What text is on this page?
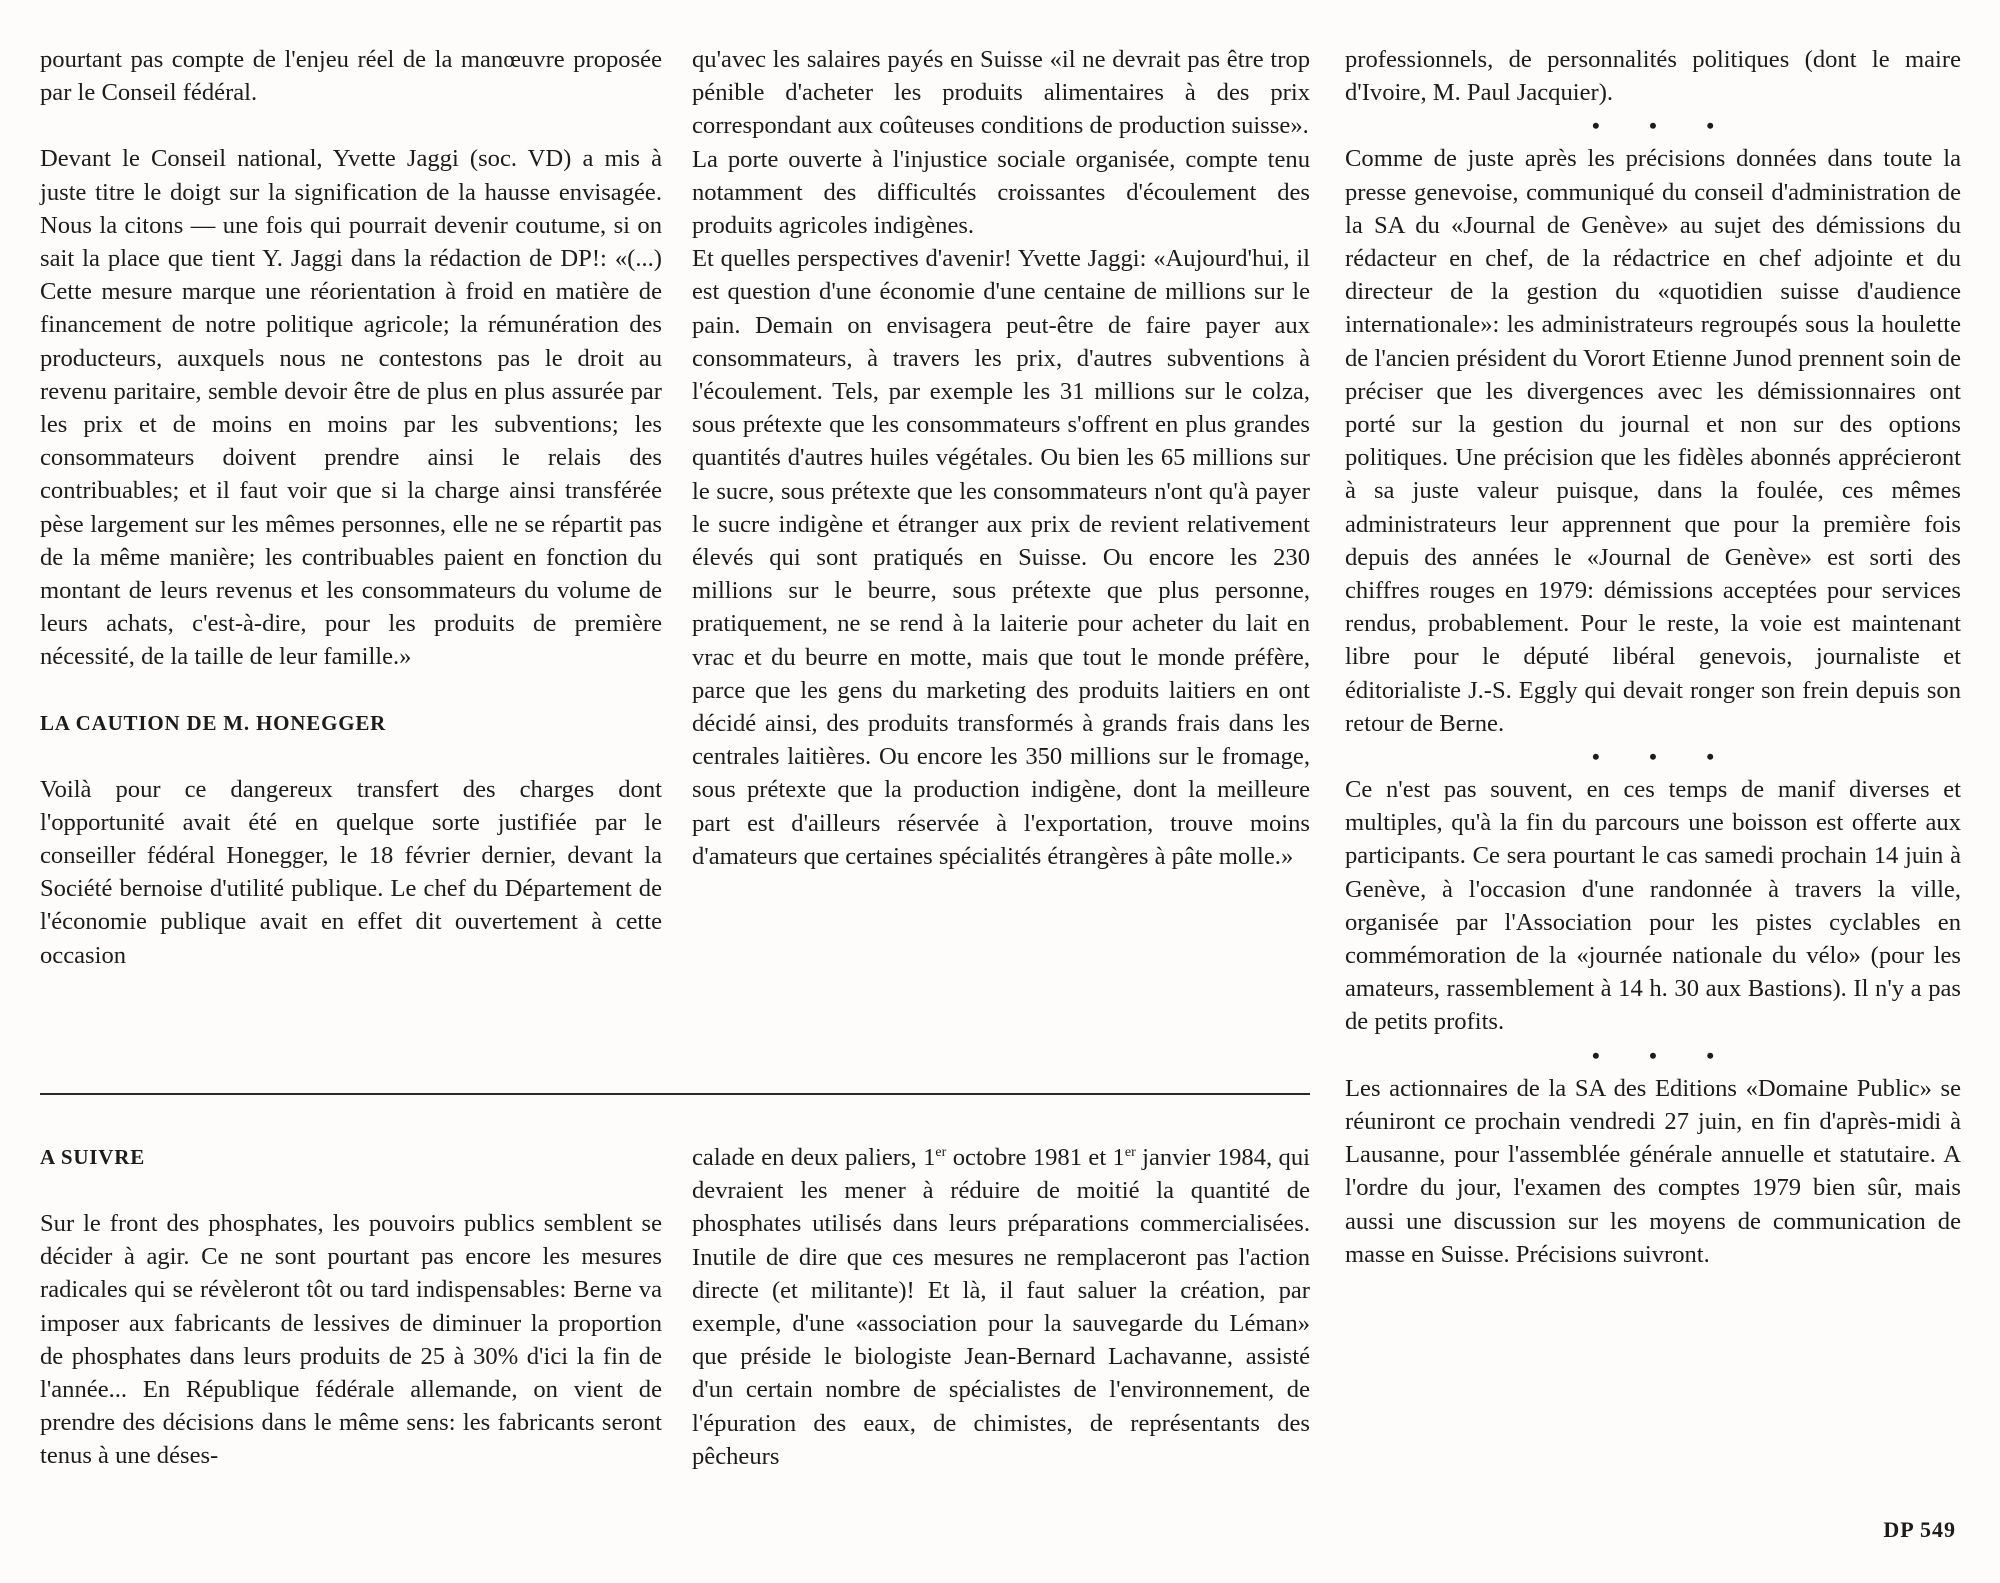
pourtant pas compte de l'enjeu réel de la manœuvre proposée par le Conseil fédéral.

Devant le Conseil national, Yvette Jaggi (soc. VD) a mis à juste titre le doigt sur la signification de la hausse envisagée. Nous la citons — une fois qui pourrait devenir coutume, si on sait la place que tient Y. Jaggi dans la rédaction de DP!: «(...) Cette mesure marque une réorientation à froid en matière de financement de notre politique agricole; la rémunération des producteurs, auxquels nous ne contestons pas le droit au revenu paritaire, semble devoir être de plus en plus assurée par les prix et de moins en moins par les subventions; les consommateurs doivent prendre ainsi le relais des contribuables; et il faut voir que si la charge ainsi transférée pèse largement sur les mêmes personnes, elle ne se répartit pas de la même manière; les contribuables paient en fonction du montant de leurs revenus et les consommateurs du volume de leurs achats, c'est-à-dire, pour les produits de première nécessité, de la taille de leur famille.»

LA CAUTION DE M. HONEGGER

Voilà pour ce dangereux transfert des charges dont l'opportunité avait été en quelque sorte justifiée par le conseiller fédéral Honegger, le 18 février dernier, devant la Société bernoise d'utilité publique. Le chef du Département de l'économie publique avait en effet dit ouvertement à cette occasion

qu'avec les salaires payés en Suisse «il ne devrait pas être trop pénible d'acheter les produits alimentaires à des prix correspondant aux coûteuses conditions de production suisse».

La porte ouverte à l'injustice sociale organisée, compte tenu notamment des difficultés croissantes d'écoulement des produits agricoles indigènes.

Et quelles perspectives d'avenir! Yvette Jaggi: «Aujourd'hui, il est question d'une économie d'une centaine de millions sur le pain. Demain on envisagera peut-être de faire payer aux consommateurs, à travers les prix, d'autres subventions à l'écoulement. Tels, par exemple les 31 millions sur le colza, sous prétexte que les consommateurs s'offrent en plus grandes quantités d'autres huiles végétales. Ou bien les 65 millions sur le sucre, sous prétexte que les consommateurs n'ont qu'à payer le sucre indigène et étranger aux prix de revient relativement élevés qui sont pratiqués en Suisse. Ou encore les 230 millions sur le beurre, sous prétexte que plus personne, pratiquement, ne se rend à la laiterie pour acheter du lait en vrac et du beurre en motte, mais que tout le monde préfère, parce que les gens du marketing des produits laitiers en ont décidé ainsi, des produits transformés à grands frais dans les centrales laitières. Ou encore les 350 millions sur le fromage, sous prétexte que la production indigène, dont la meilleure part est d'ailleurs réservée à l'exportation, trouve moins d'amateurs que certaines spécialités étrangères à pâte molle.»

A SUIVRE

Sur le front des phosphates, les pouvoirs publics semblent se décider à agir. Ce ne sont pourtant pas encore les mesures radicales qui se révèleront tôt ou tard indispensables: Berne va imposer aux fabricants de lessives de diminuer la proportion de phosphates dans leurs produits de 25 à 30% d'ici la fin de l'année... En République fédérale allemande, on vient de prendre des décisions dans le même sens: les fabricants seront tenus à une déses-

calade en deux paliers, 1er octobre 1981 et 1er janvier 1984, qui devraient les mener à réduire de moitié la quantité de phosphates utilisés dans leurs préparations commercialisées. Inutile de dire que ces mesures ne remplaceront pas l'action directe (et militante)! Et là, il faut saluer la création, par exemple, d'une «association pour la sauvegarde du Léman» que préside le biologiste Jean-Bernard Lachavanne, assisté d'un certain nombre de spécialistes de l'environnement, de l'épuration des eaux, de chimistes, de représentants des pêcheurs

professionnels, de personnalités politiques (dont le maire d'Ivoire, M. Paul Jacquier).

• • •

Comme de juste après les précisions données dans toute la presse genevoise, communiqué du conseil d'administration de la SA du «Journal de Genève» au sujet des démissions du rédacteur en chef, de la rédactrice en chef adjointe et du directeur de la gestion du «quotidien suisse d'audience internationale»: les administrateurs regroupés sous la houlette de l'ancien président du Vorort Etienne Junod prennent soin de préciser que les divergences avec les démissionnaires ont porté sur la gestion du journal et non sur des options politiques. Une précision que les fidèles abonnés apprécieront à sa juste valeur puisque, dans la foulée, ces mêmes administrateurs leur apprennent que pour la première fois depuis des années le «Journal de Genève» est sorti des chiffres rouges en 1979: démissions acceptées pour services rendus, probablement. Pour le reste, la voie est maintenant libre pour le député libéral genevois, journaliste et éditorialiste J.-S. Eggly qui devait ronger son frein depuis son retour de Berne.

• • •

Ce n'est pas souvent, en ces temps de manif diverses et multiples, qu'à la fin du parcours une boisson est offerte aux participants. Ce sera pourtant le cas samedi prochain 14 juin à Genève, à l'occasion d'une randonnée à travers la ville, organisée par l'Association pour les pistes cyclables en commémoration de la «journée nationale du vélo» (pour les amateurs, rassemblement à 14 h. 30 aux Bastions). Il n'y a pas de petits profits.

• • •

Les actionnaires de la SA des Editions «Domaine Public» se réuniront ce prochain vendredi 27 juin, en fin d'après-midi à Lausanne, pour l'assemblée générale annuelle et statutaire. A l'ordre du jour, l'examen des comptes 1979 bien sûr, mais aussi une discussion sur les moyens de communication de masse en Suisse. Précisions suivront.

DP 549
